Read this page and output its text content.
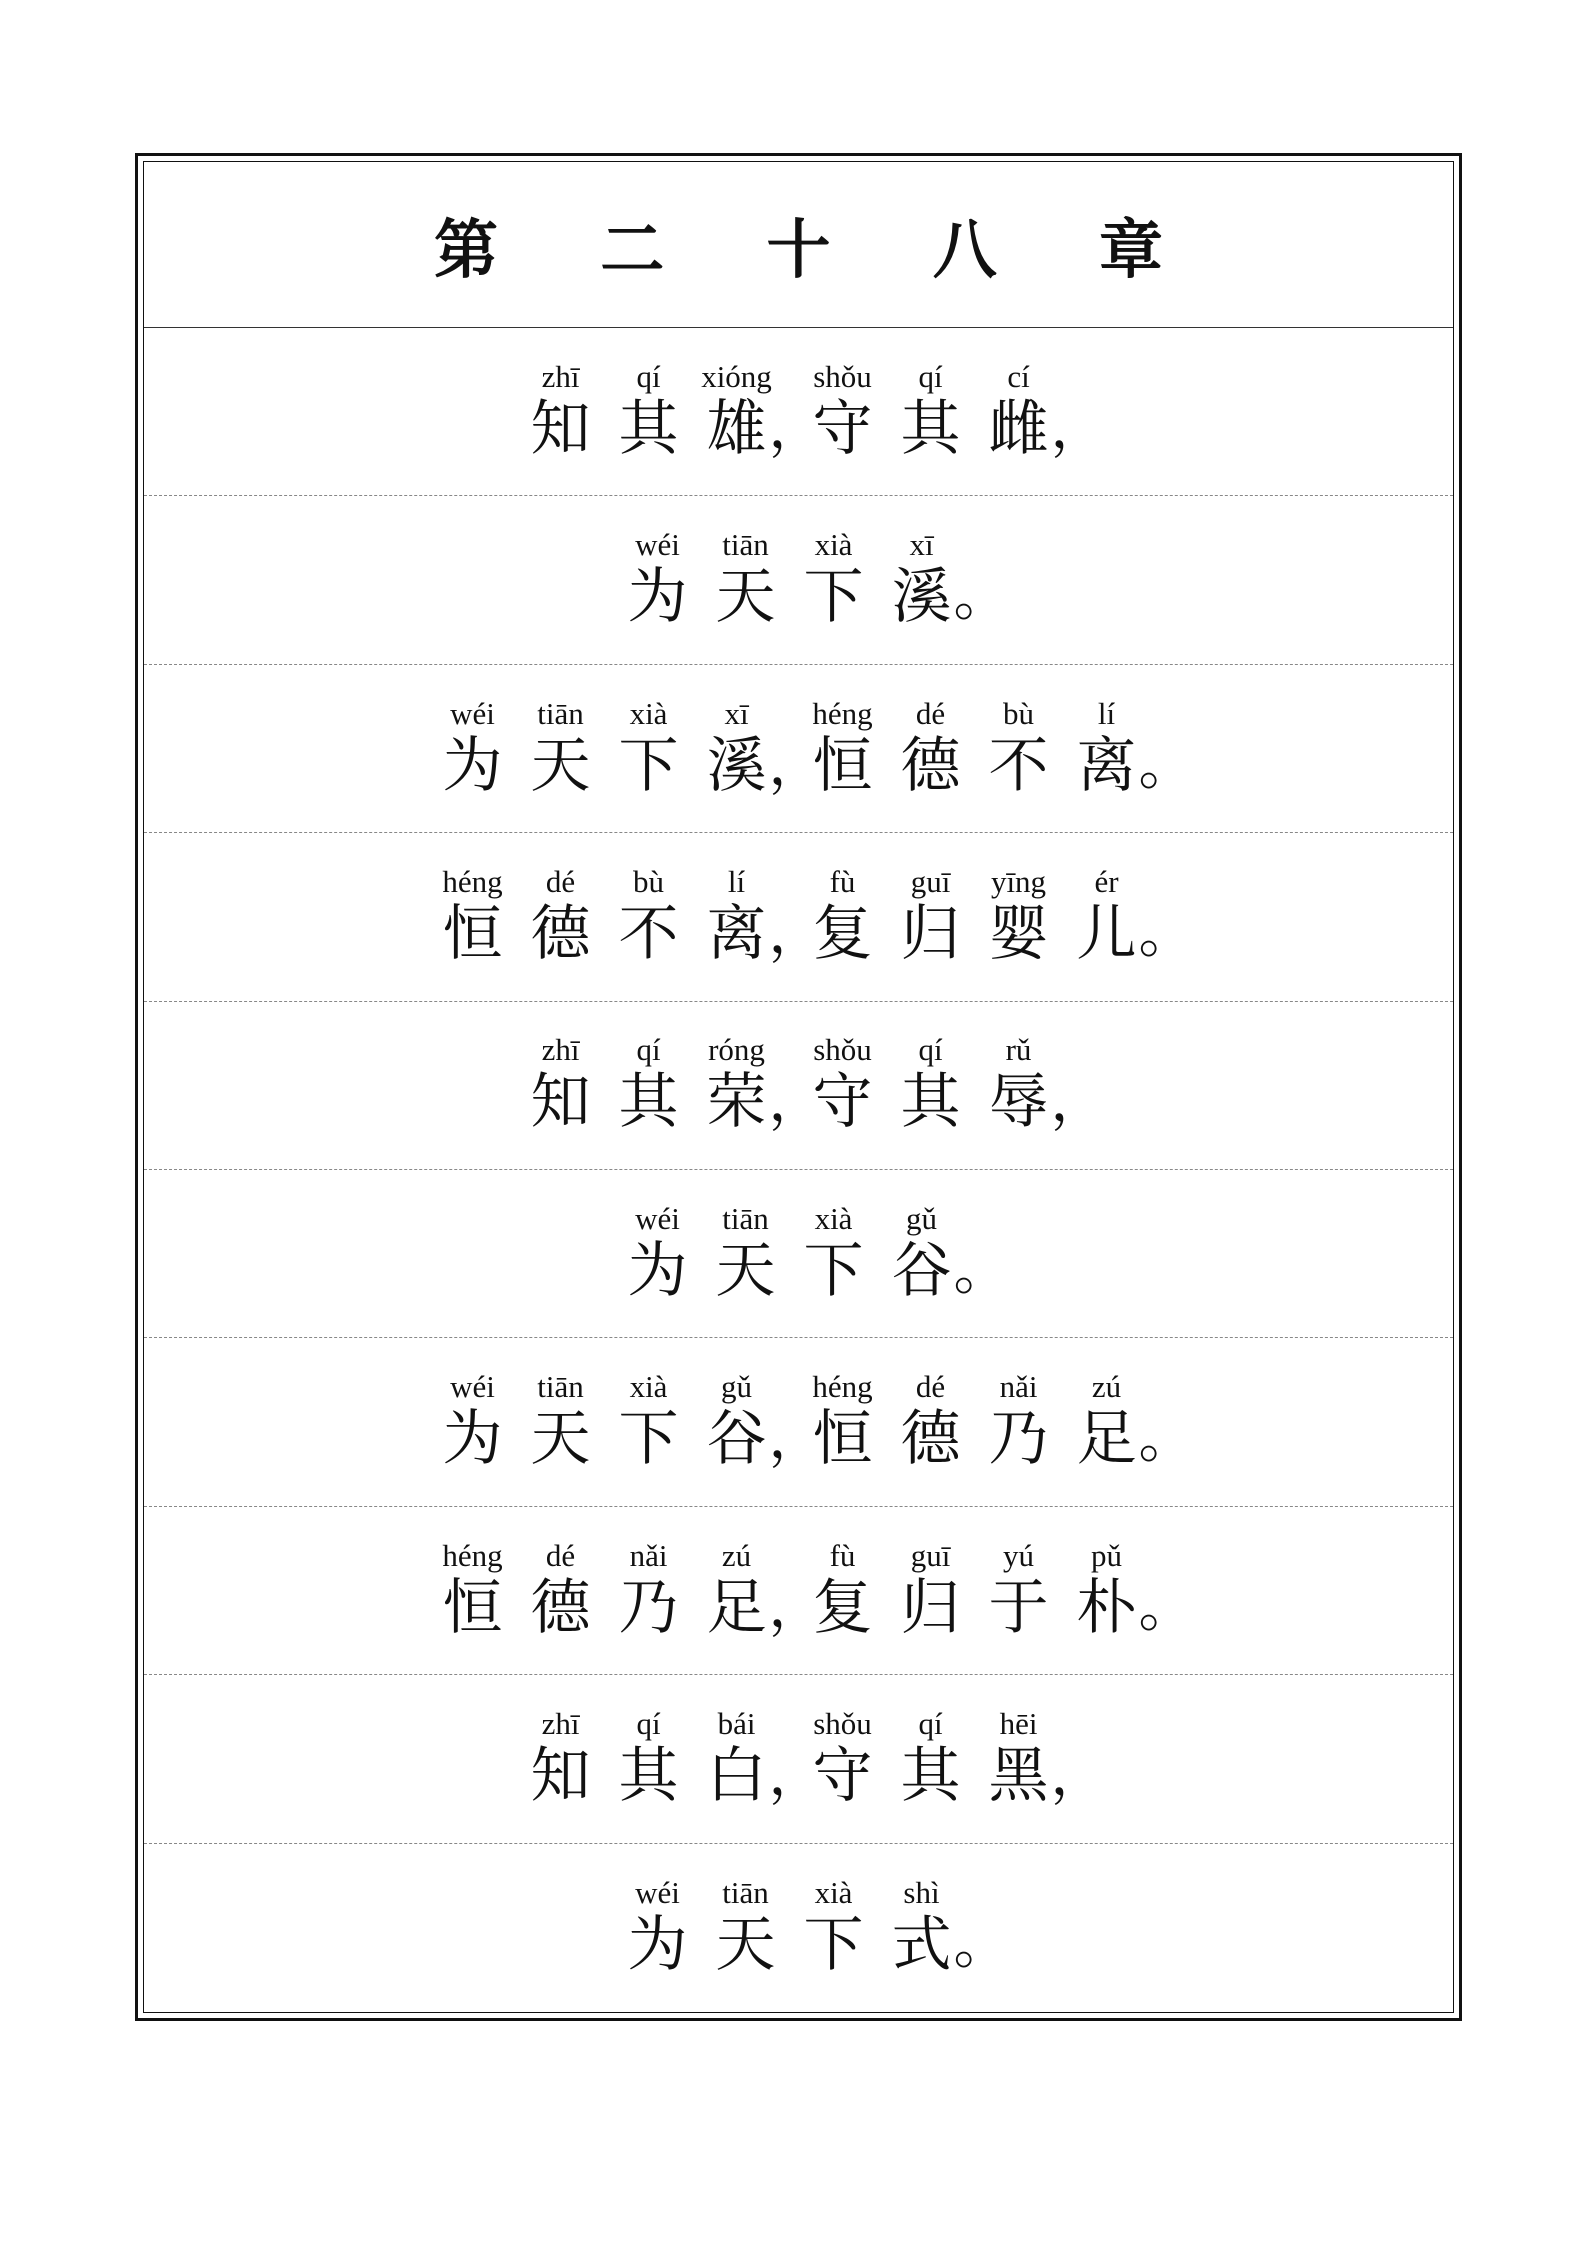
第 二 十 八 章
zhī
知
qí
其
xióng
雄 ，
shǒu
守
qí
其
cí
雌 ，
wéi
为
tiān
天
xià
下
xī
溪 。
wéi
为
tiān
天
xià
下
xī
溪 ，
héng
恒
dé
德
bù
不
lí
离 。
héng
恒
dé
德
bù
不
lí
离 ，
fù
复
guī
归
yīng
婴
ér
儿 。
zhī
知
qí
其
róng
荣 ，
shǒu
守
qí
其
rǔ
辱 ，
wéi
为
tiān
天
xià
下
gǔ
谷 。
wéi
为
tiān
天
xià
下
gǔ
谷 ，
héng
恒
dé
德
nǎi
乃
zú
足 。
héng
恒
dé
德
nǎi
乃
zú
足 ，
fù
复
guī
归
yú
于
pǔ
朴 。
zhī
知
qí
其
bái
白 ，
shǒu
守
qí
其
hēi
黑 ，
wéi
为
tiān
天
xià
下
shì
式 。
